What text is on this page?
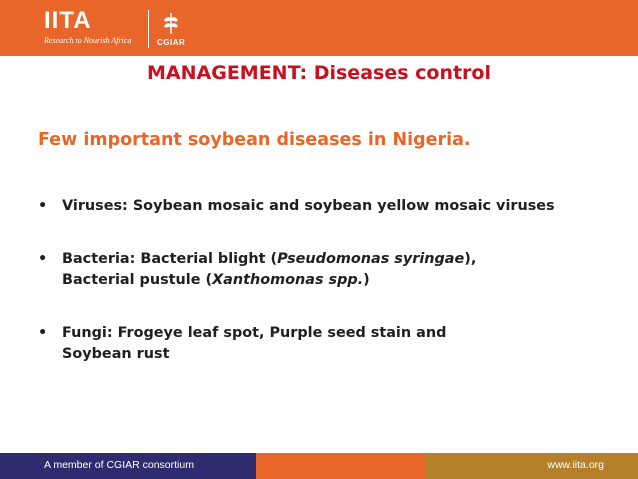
IITA
Research to Nourish Africa	CGIAR
MANAGEMENT: Diseases control
Few important soybean diseases in Nigeria.
• Viruses: Soybean mosaic and soybean yellow mosaic viruses
• Bacteria: Bacterial blight (Pseudomonas syringae),
Bacterial pustule (Xanthomonas spp.)
• Fungi: Frogeye leaf spot, Purple seed stain and
Soybean rust
A member of CGIAR consortium	www.iita.org
